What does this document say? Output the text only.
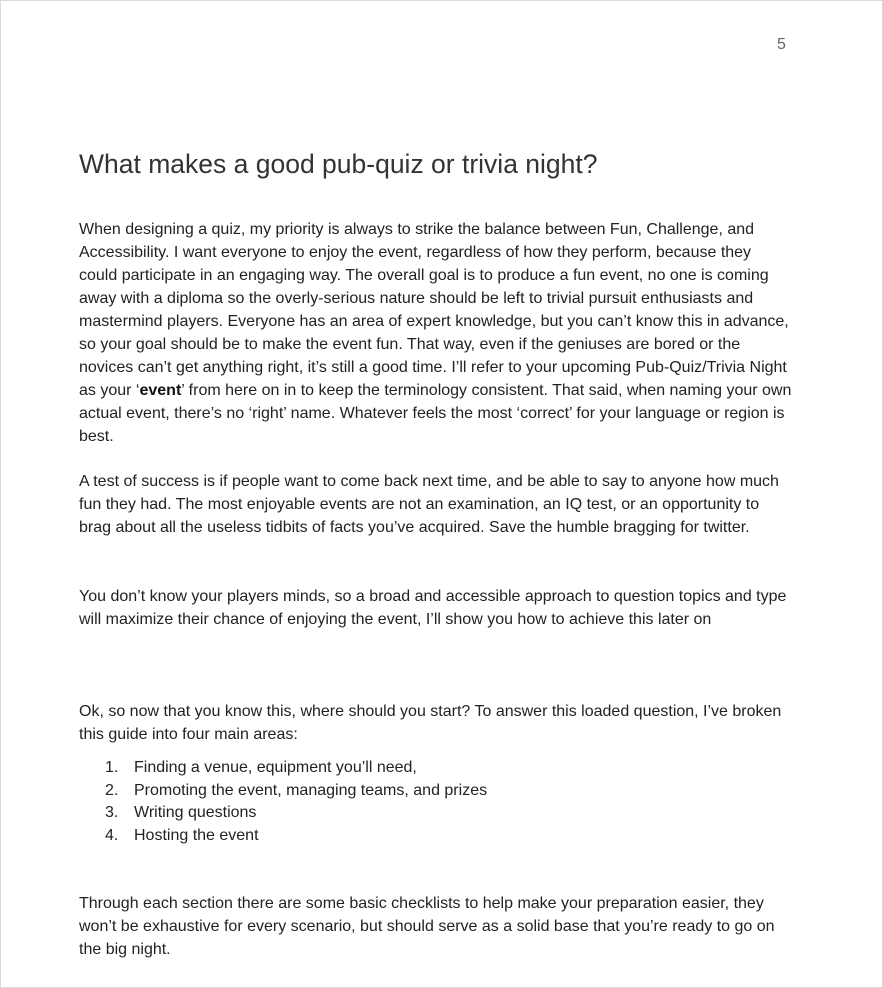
5
What makes a good pub-quiz or trivia night?

When designing a quiz, my priority is always to strike the balance between Fun, Challenge, and Accessibility. I want everyone to enjoy the event, regardless of how they perform, because they could participate in an engaging way. The overall goal is to produce a fun event, no one is coming away with a diploma so the overly-serious nature should be left to trivial pursuit enthusiasts and mastermind players. Everyone has an area of expert knowledge, but you can’t know this in advance, so your goal should be to make the event fun. That way, even if the geniuses are bored or the novices can’t get anything right, it’s still a good time. I’ll refer to your upcoming Pub-Quiz/Trivia Night as your ‘event’ from here on in to keep the terminology consistent. That said, when naming your own actual event, there’s no ‘right’ name. Whatever feels the most ‘correct’ for your language or region is best.

A test of success is if people want to come back next time, and be able to say to anyone how much fun they had. The most enjoyable events are not an examination, an IQ test, or an opportunity to brag about all the useless tidbits of facts you’ve acquired. Save the humble bragging for twitter.

You don’t know your players minds, so a broad and accessible approach to question topics and type will maximize their chance of enjoying the event, I’ll show you how to achieve this later on

Ok, so now that you know this, where should you start? To answer this loaded question, I’ve broken this guide into four main areas:

1. Finding a venue, equipment you’ll need,
2. Promoting the event, managing teams, and prizes
3. Writing questions
4. Hosting the event

Through each section there are some basic checklists to help make your preparation easier, they won’t be exhaustive for every scenario, but should serve as a solid base that you’re ready to go on the big night.
